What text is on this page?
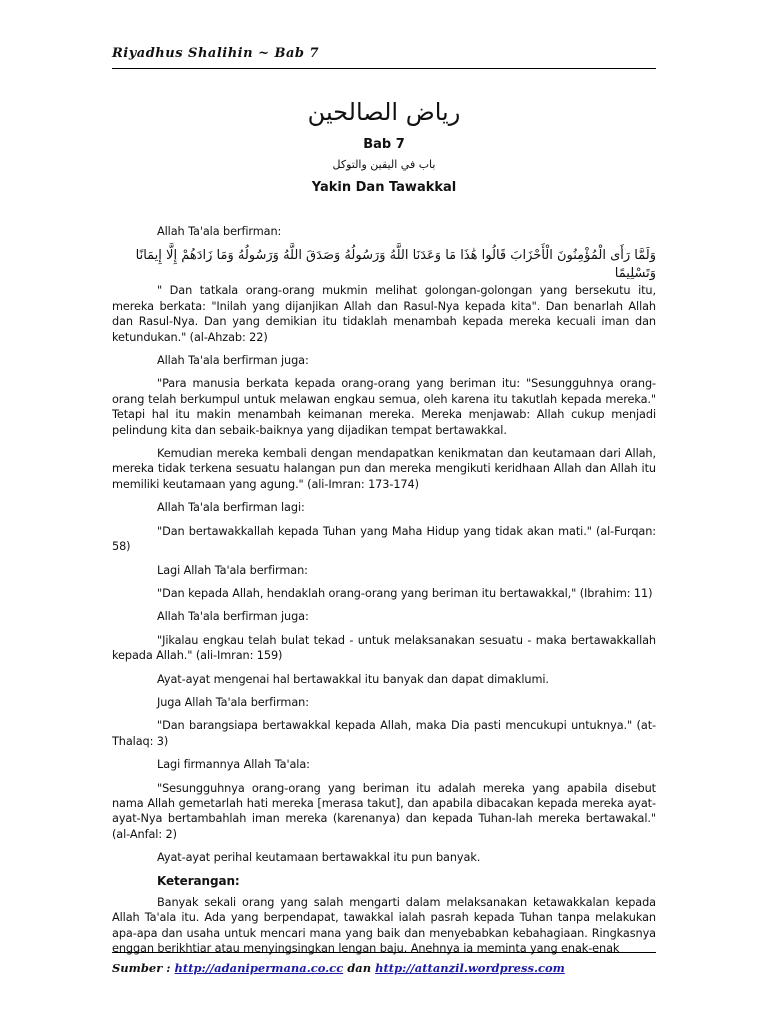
Riyadhus Shalihin ~ Bab 7
رياض الصالحين
Bab 7
باب في اليقين والتوكل
Yakin Dan Tawakkal

Allah Ta'ala berfirman:

وَلَمَّا رَأَى الْمُؤْمِنُونَ الْأَحْزَابَ قَالُوا هَٰذَا مَا وَعَدَنَا اللَّهُ وَرَسُولُهُ وَصَدَقَ اللَّهُ وَرَسُولُهُ وَمَا زَادَهُمْ إِلَّا إِيمَانًا وَتَسْلِيمًا

" Dan tatkala orang-orang mukmin melihat golongan-golongan yang bersekutu itu, mereka berkata: "Inilah yang dijanjikan Allah dan Rasul-Nya kepada kita". Dan benarlah Allah dan Rasul-Nya. Dan yang demikian itu tidaklah menambah kepada mereka kecuali iman dan ketundukan." (al-Ahzab: 22)

Allah Ta'ala berfirman juga:

"Para manusia berkata kepada orang-orang yang beriman itu: "Sesungguhnya orang-orang telah berkumpul untuk melawan engkau semua, oleh karena itu takutlah kepada mereka." Tetapi hal itu makin menambah keimanan mereka. Mereka menjawab: Allah cukup menjadi pelindung kita dan sebaik-baiknya yang dijadikan tempat bertawakkal.

Kemudian mereka kembali dengan mendapatkan kenikmatan dan keutamaan dari Allah, mereka tidak terkena sesuatu halangan pun dan mereka mengikuti keridhaan Allah dan Allah itu memiliki keutamaan yang agung." (ali-Imran: 173-174)

Allah Ta'ala berfirman lagi:

"Dan bertawakkallah kepada Tuhan yang Maha Hidup yang tidak akan mati." (al-Furqan: 58)

Lagi Allah Ta'ala berfirman:

"Dan kepada Allah, hendaklah orang-orang yang beriman itu bertawakkal," (Ibrahim: 11)

Allah Ta'ala berfirman juga:

"Jikalau engkau telah bulat tekad - untuk melaksanakan sesuatu - maka bertawakkallah kepada Allah." (ali-Imran: 159)

Ayat-ayat mengenai hal bertawakkal itu banyak dan dapat dimaklumi.

Juga Allah Ta'ala berfirman:

"Dan barangsiapa bertawakkal kepada Allah, maka Dia pasti mencukupi untuknya." (at-Thalaq: 3)

Lagi firmannya Allah Ta'ala:

"Sesungguhnya orang-orang yang beriman itu adalah mereka yang apabila disebut nama Allah gemetarlah hati mereka [merasa takut], dan apabila dibacakan kepada mereka ayat-ayat-Nya bertambahlah iman mereka (karenanya) dan kepada Tuhan-lah mereka bertawakal." (al-Anfal: 2)

Ayat-ayat perihal keutamaan bertawakkal itu pun banyak.

Keterangan:

Banyak sekali orang yang salah mengarti dalam melaksanakan ketawakkalan kepada Allah Ta'ala itu. Ada yang berpendapat, tawakkal ialah pasrah kepada Tuhan tanpa melakukan apa-apa dan usaha untuk mencari mana yang baik dan menyebabkan kebahagiaan. Ringkasnya enggan berikhtiar atau menyingsingkan lengan baju. Anehnya ia meminta yang enak-enak

Sumber : http://adanipermana.co.cc dan http://attanzil.wordpress.com
